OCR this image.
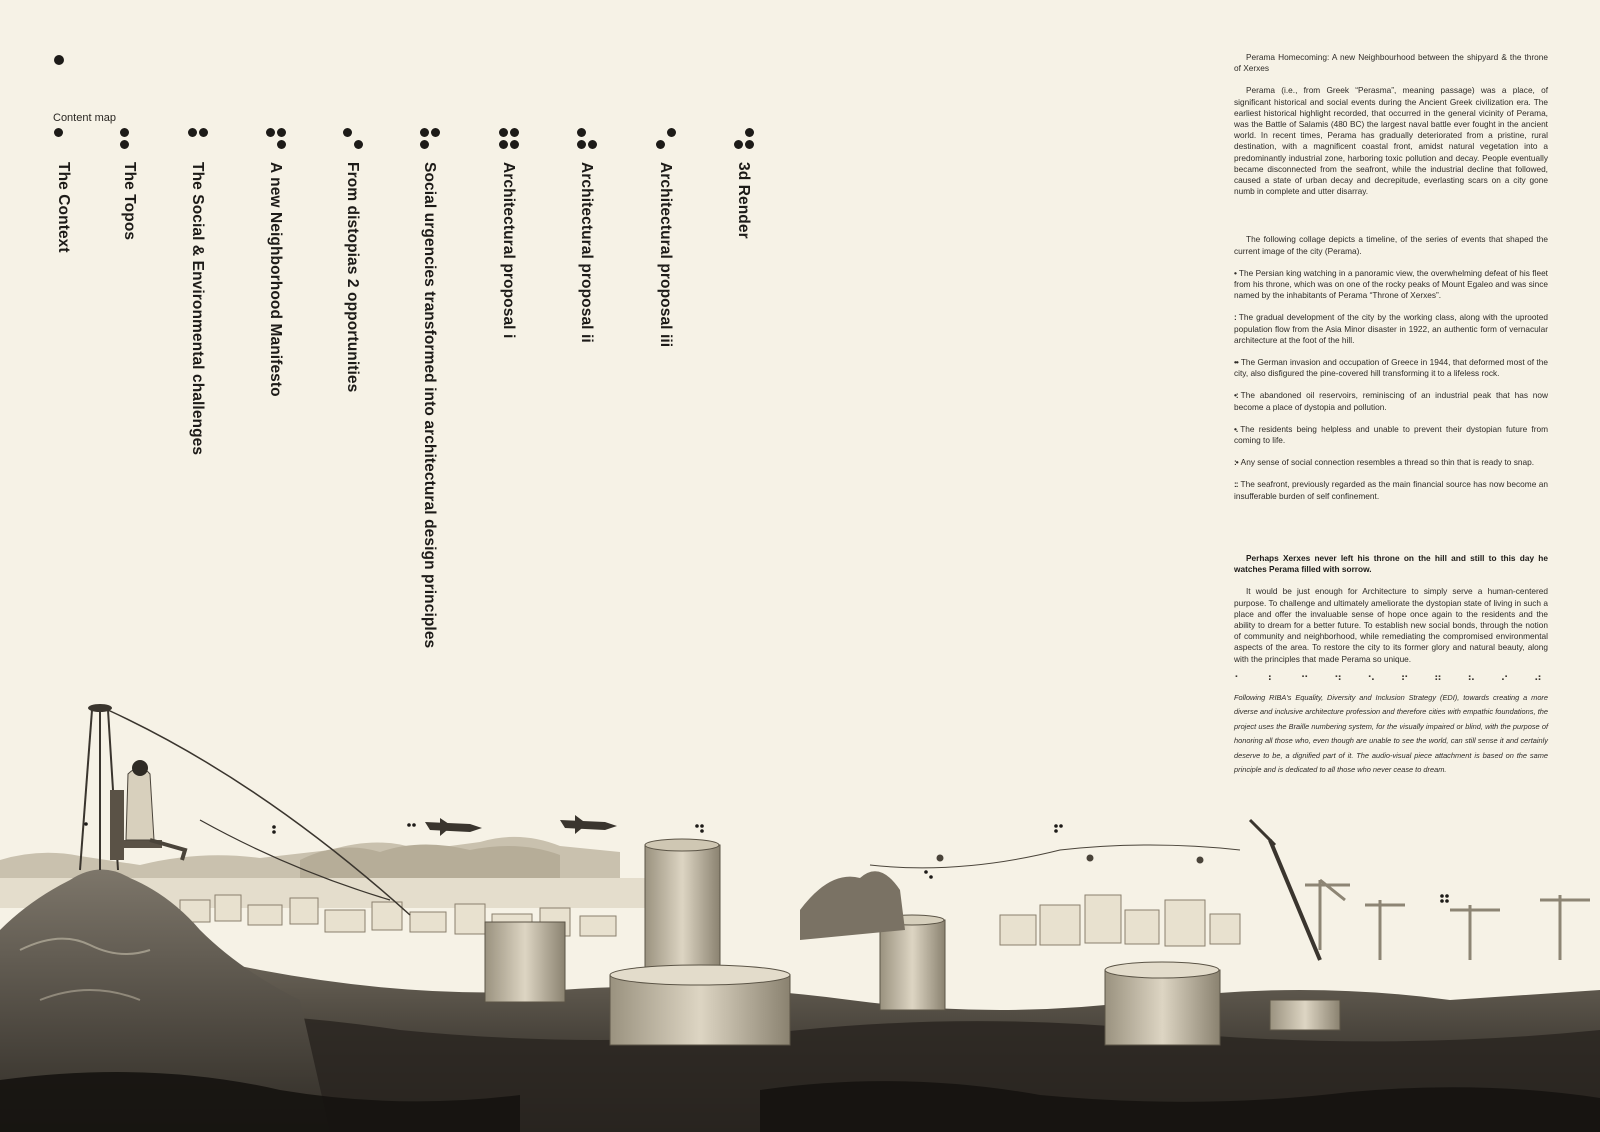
Content map
The Context	The Topos	The Social & Environmental challenges	A new Neighborhood Manifesto	From distopias 2 opportunities	Social urgencies transformed into architectural design principles	Architectural proposal i	Architectural proposal ii	Architectural proposal iii	3d Render

Perama Homecoming: A new Neighbourhood between the shipyard & the throne of Xerxes

Perama (i.e., from Greek “Perasma”, meaning passage) was a place, of significant historical and social events during the Ancient Greek civilization era. The earliest historical highlight recorded, that occurred in the general vicinity of Perama, was the Battle of Salamis (480 BC) the largest naval battle ever fought in the ancient world. In recent times, Perama has gradually deteriorated from a pristine, rural destination, with a magnificent coastal front, amidst natural vegetation into a predominantly industrial zone, harboring toxic pollution and decay. People eventually became disconnected from the seafront, while the industrial decline that followed, caused a state of urban decay and decrepitude, everlasting scars on a city gone numb in complete and utter disarray.

The following collage depicts a timeline, of the series of events that shaped the current image of the city (Perama).

• The Persian king watching in a panoramic view, the overwhelming defeat of his fleet from his throne, which was on one of the rocky peaks of Mount Egaleo and was since named by the inhabitants of Perama “Throne of Xerxes”.

: The gradual development of the city by the working class, along with the uprooted population flow from the Asia Minor disaster in 1922, an authentic form of vernacular architecture at the foot of the hill.

•• The German invasion and occupation of Greece in 1944, that deformed most of the city, also disfigured the pine-covered hill transforming it to a lifeless rock.

•: The abandoned oil reservoirs, reminiscing of an industrial peak that has now become a place of dystopia and pollution.

•. The residents being helpless and unable to prevent their dystopian future from coming to life.

:• Any sense of social connection resembles a thread so thin that is ready to snap.

:: The seafront, previously regarded as the main financial source has now become an insufferable burden of self confinement.

Perhaps Xerxes never left his throne on the hill and still to this day he watches Perama filled with sorrow.

It would be just enough for Architecture to simply serve a human-centered purpose. To challenge and ultimately ameliorate the dystopian state of living in such a place and offer the invaluable sense of hope once again to the residents and the ability to dream for a better future. To establish new social bonds, through the notion of community and neighborhood, while remediating the compromised environmental aspects of the area. To restore the city to its former glory and natural beauty, along with the principles that made Perama so unique.

⠁ ⠃ ⠉ ⠙ ⠑ ⠋ ⠛ ⠓ ⠊ ⠚
Following RIBA's Equality, Diversity and Inclusion Strategy (EDI), towards creating a more diverse and inclusive architecture profession and therefore cities with empathic foundations, the project uses the Braille numbering system, for the visually impaired or blind, with the purpose of honoring all those who, even though are unable to see the world, can still sense it and certainly deserve to be, a dignified part of it. The audio-visual piece attachment is based on the same principle and is dedicated to all those who never cease to dream.
